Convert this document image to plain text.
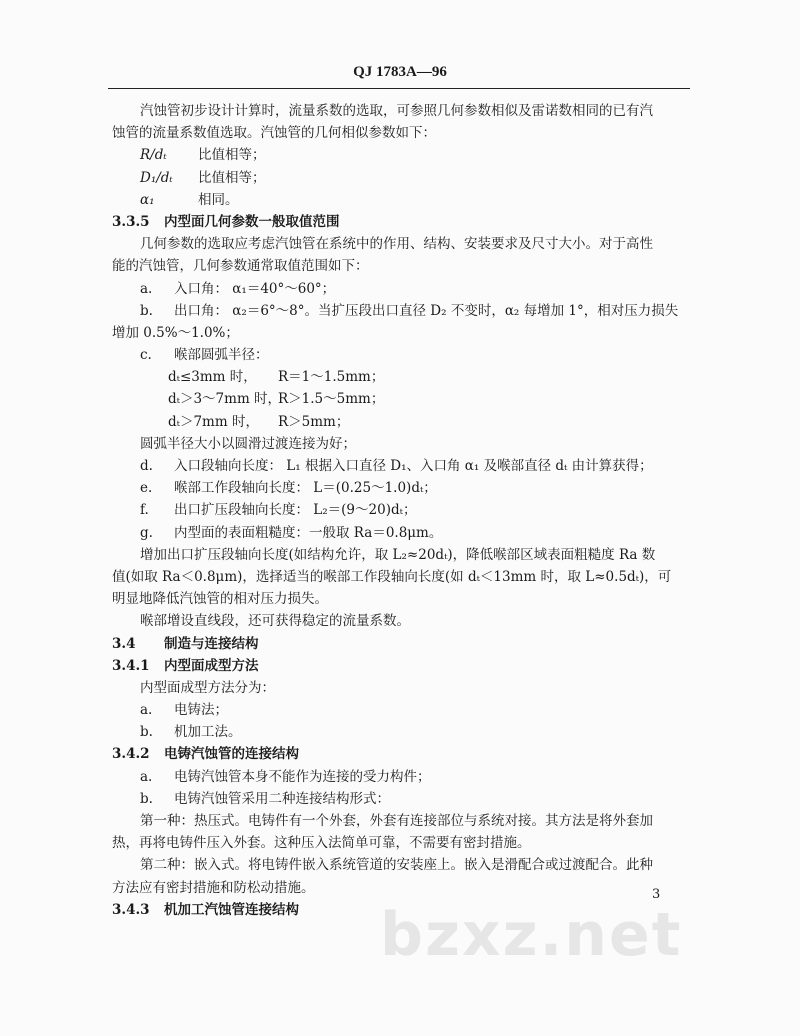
QJ 1783A—96
汽蚀管初步设计计算时，流量系数的选取，可参照几何参数相似及雷诺数相同的已有汽
蚀管的流量系数值选取。汽蚀管的几何相似参数如下：
R/dₜ 比值相等；
D₁/dₜ 比值相等；
α₁	相同。
3.3.5 内型面几何参数一般取值范围
几何参数的选取应考虑汽蚀管在系统中的作用、结构、安装要求及尺寸大小。对于高性
能的汽蚀管，几何参数通常取值范围如下：
a. 入口角： α₁＝40°～60°；
b. 出口角： α₂＝6°～8°。当扩压段出口直径 D₂ 不变时，α₂ 每增加 1°，相对压力损失
增加 0.5%～1.0%；
c. 喉部圆弧半径：
dₜ≤3mm 时， R＝1～1.5mm；
dₜ＞3～7mm 时，R＞1.5～5mm；
dₜ＞7mm 时， R＞5mm；
圆弧半径大小以圆滑过渡连接为好；
d. 入口段轴向长度： L₁ 根据入口直径 D₁、入口角 α₁ 及喉部直径 dₜ 由计算获得；
e. 喉部工作段轴向长度： L＝(0.25～1.0)dₜ；
f. 出口扩压段轴向长度： L₂＝(9～20)dₜ；
g. 内型面的表面粗糙度：一般取 Ra＝0.8μm。
增加出口扩压段轴向长度(如结构允许，取 L₂≈20dₜ)，降低喉部区域表面粗糙度 Ra 数
值(如取 Ra＜0.8μm)，选择适当的喉部工作段轴向长度(如 dₜ＜13mm 时，取 L≈0.5dₜ)，可
明显地降低汽蚀管的相对压力损失。
喉部增设直线段，还可获得稳定的流量系数。
3.4 制造与连接结构
3.4.1 内型面成型方法
内型面成型方法分为：
a. 电铸法；
b. 机加工法。
3.4.2 电铸汽蚀管的连接结构
a. 电铸汽蚀管本身不能作为连接的受力构件；
b. 电铸汽蚀管采用二种连接结构形式：
第一种：热压式。电铸件有一个外套，外套有连接部位与系统对接。其方法是将外套加
热，再将电铸件压入外套。这种压入法简单可靠，不需要有密封措施。
第二种：嵌入式。将电铸件嵌入系统管道的安装座上。嵌入是滑配合或过渡配合。此种
方法应有密封措施和防松动措施。
3.4.3 机加工汽蚀管连接结构
3
bzxz.net
